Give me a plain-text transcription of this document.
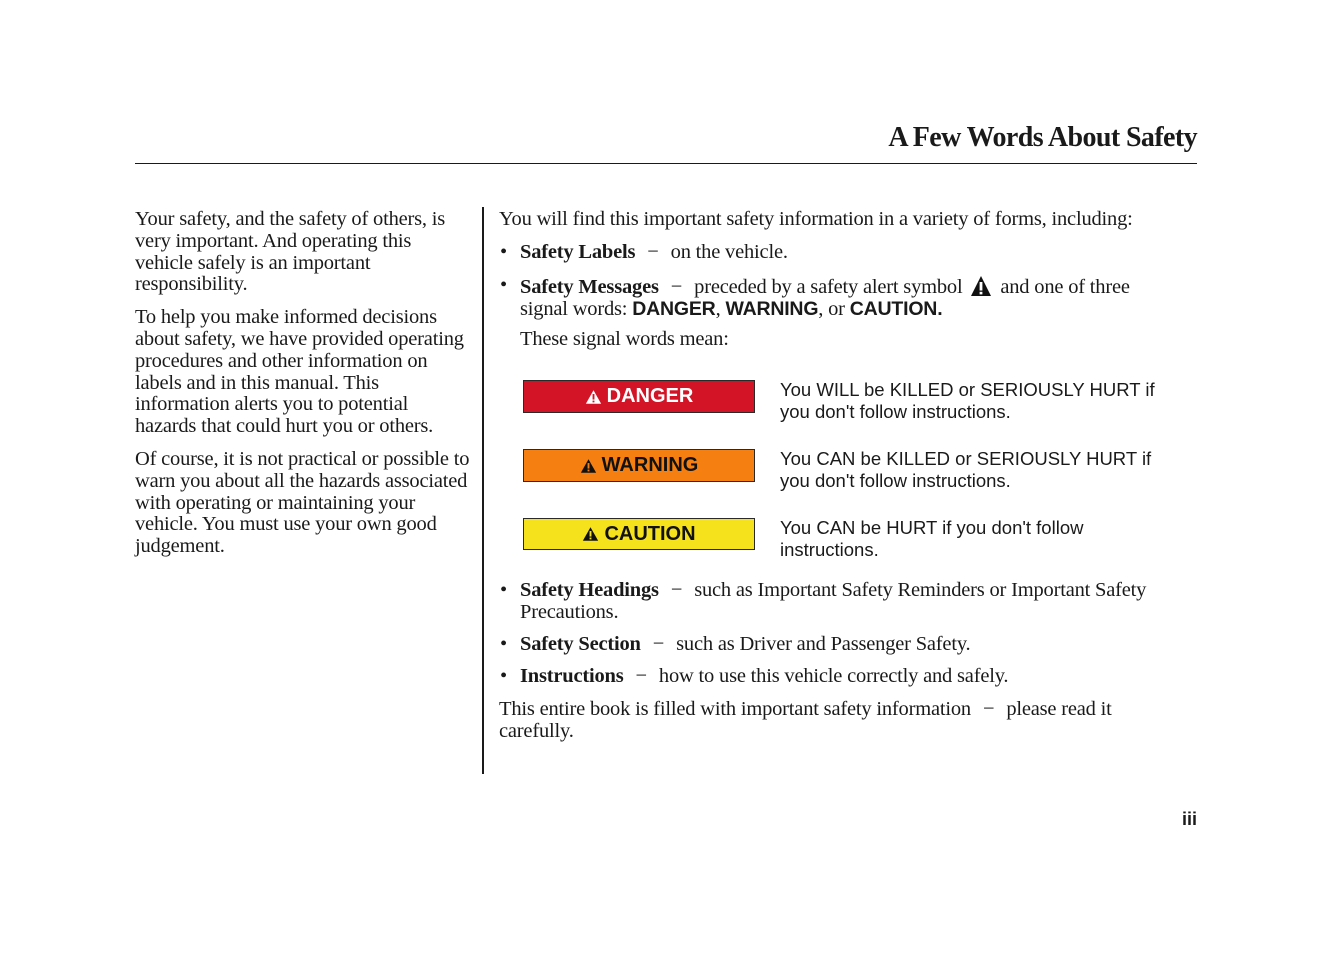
A Few Words About Safety

Your safety, and the safety of others, is very important. And operating this vehicle safely is an important responsibility.

To help you make informed decisions about safety, we have provided operating procedures and other information on labels and in this manual. This information alerts you to potential hazards that could hurt you or others.

Of course, it is not practical or possible to warn you about all the hazards associated with operating or maintaining your vehicle. You must use your own good judgement.

You will find this important safety information in a variety of forms, including:

• Safety Labels − on the vehicle.

• Safety Messages − preceded by a safety alert symbol and one of three signal words: DANGER, WARNING, or CAUTION.

These signal words mean:

DANGER	You WILL be KILLED or SERIOUSLY HURT if you don't follow instructions.

WARNING	You CAN be KILLED or SERIOUSLY HURT if you don't follow instructions.

CAUTION	You CAN be HURT if you don't follow instructions.

• Safety Headings − such as Important Safety Reminders or Important Safety Precautions.

• Safety Section − such as Driver and Passenger Safety.

• Instructions − how to use this vehicle correctly and safely.

This entire book is filled with important safety information − please read it carefully.

iii
